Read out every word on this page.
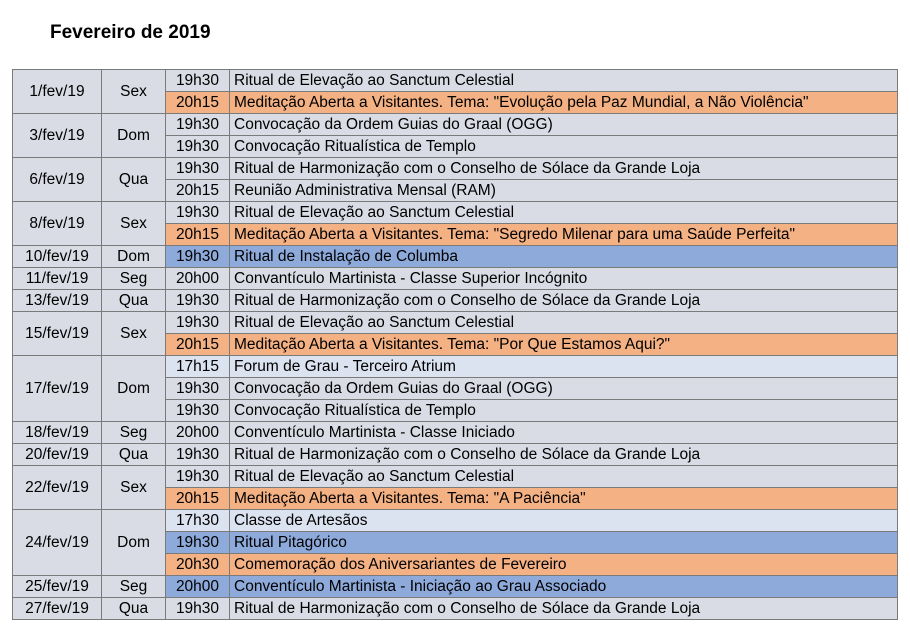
Fevereiro de 2019
1/fev/19	Sex	19h30	Ritual de Elevação ao Sanctum Celestial
		20h15	Meditação Aberta a Visitantes. Tema: "Evolução pela Paz Mundial, a Não Violência"
3/fev/19	Dom	19h30	Convocação da Ordem Guias do Graal (OGG)
		19h30	Convocação Ritualística de Templo
6/fev/19	Qua	19h30	Ritual de Harmonização com o Conselho de Sólace da Grande Loja
		20h15	Reunião Administrativa Mensal (RAM)
8/fev/19	Sex	19h30	Ritual de Elevação ao Sanctum Celestial
		20h15	Meditação Aberta a Visitantes. Tema: "Segredo Milenar para uma Saúde Perfeita"
10/fev/19	Dom	19h30	Ritual de Instalação de Columba
11/fev/19	Seg	20h00	Convantículo Martinista - Classe Superior Incógnito
13/fev/19	Qua	19h30	Ritual de Harmonização com o Conselho de Sólace da Grande Loja
15/fev/19	Sex	19h30	Ritual de Elevação ao Sanctum Celestial
		20h15	Meditação Aberta a Visitantes. Tema: "Por Que Estamos Aqui?"
17/fev/19	Dom	17h15	Forum de Grau - Terceiro Atrium
		19h30	Convocação da Ordem Guias do Graal (OGG)
		19h30	Convocação Ritualística de Templo
18/fev/19	Seg	20h00	Conventículo Martinista - Classe Iniciado
20/fev/19	Qua	19h30	Ritual de Harmonização com o Conselho de Sólace da Grande Loja
22/fev/19	Sex	19h30	Ritual de Elevação ao Sanctum Celestial
		20h15	Meditação Aberta a Visitantes. Tema: "A Paciência"
24/fev/19	Dom	17h30	Classe de Artesãos
		19h30	Ritual Pitagórico
		20h30	Comemoração dos Aniversariantes de Fevereiro
25/fev/19	Seg	20h00	Conventículo Martinista - Iniciação ao Grau Associado
27/fev/19	Qua	19h30	Ritual de Harmonização com o Conselho de Sólace da Grande Loja
